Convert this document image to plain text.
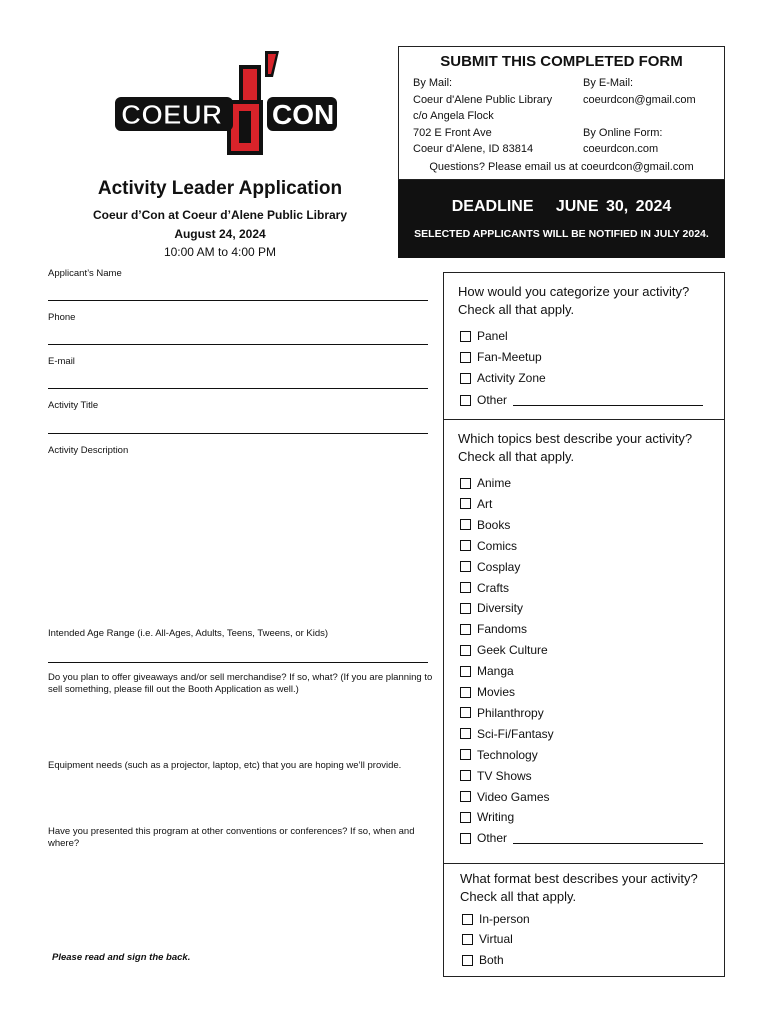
COEUR CON
SUBMIT THIS COMPLETED FORM
By Mail:
Coeur d'Alene Public Library
c/o Angela Flock
702 E Front Ave
Coeur d'Alene, ID 83814
By E-Mail:
coeurdcon@gmail.com

By Online Form:
coeurdcon.com
Questions? Please email us at coeurdcon@gmail.com
DEADLINE   JUNE 30, 2024
SELECTED APPLICANTS WILL BE NOTIFIED IN JULY 2024.
Activity Leader Application
Coeur d’Con at Coeur d’Alene Public Library
August 24, 2024
10:00 AM to 4:00 PM
Applicant’s Name
Phone
E-mail
Activity Title
Activity Description
Intended Age Range (i.e. All-Ages, Adults, Teens, Tweens, or Kids)
Do you plan to offer giveaways and/or sell merchandise? If so, what? (If you are planning to sell something, please fill out the Booth Application as well.)
Equipment needs (such as a projector, laptop, etc) that you are hoping we’ll provide.
Have you presented this program at other conventions or conferences? If so, when and where?
Please read and sign the back.
How would you categorize your activity? Check all that apply.
Panel
Fan-Meetup
Activity Zone
Other
Which topics best describe your activity? Check all that apply.
Anime
Art
Books
Comics
Cosplay
Crafts
Diversity
Fandoms
Geek Culture
Manga
Movies
Philanthropy
Sci-Fi/Fantasy
Technology
TV Shows
Video Games
Writing
Other
What format best describes your activity? Check all that apply.
In-person
Virtual
Both
